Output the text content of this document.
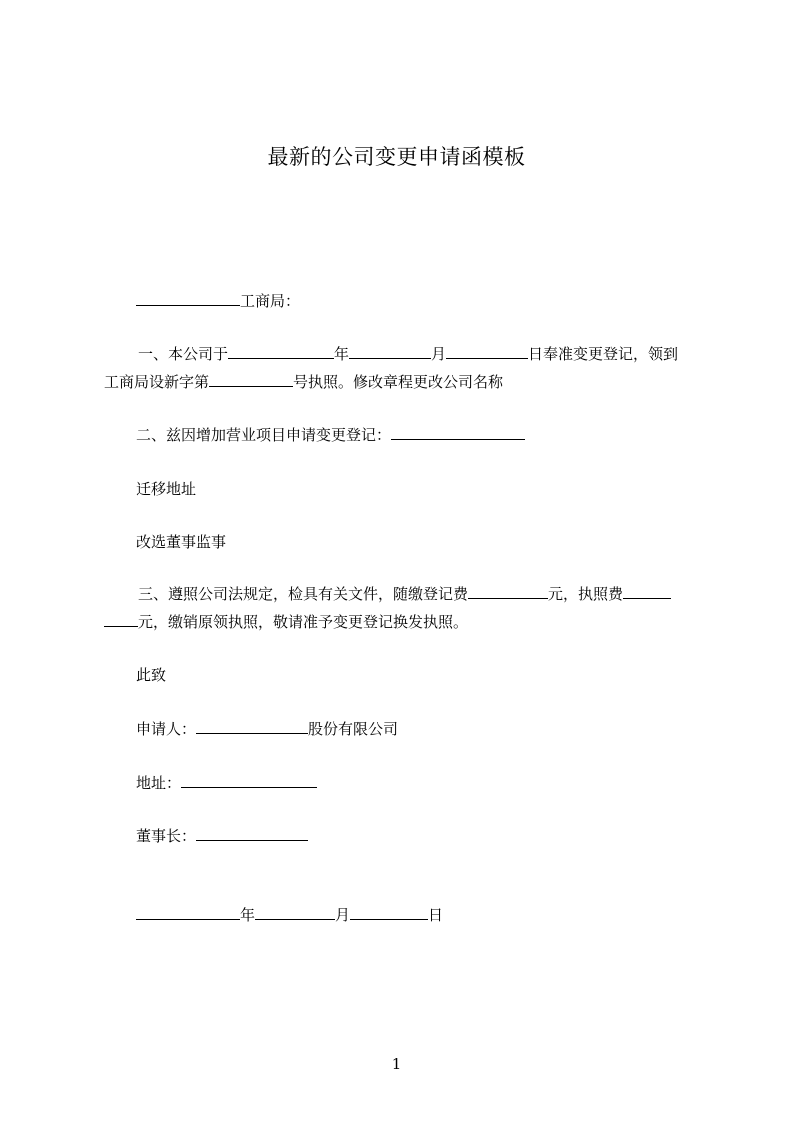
最新的公司变更申请函模板
工商局：
一、本公司于	年	月	日奉准变更登记，领到
工商局设新字第	号执照。修改章程更改公司名称
二、兹因增加营业项目申请变更登记：
迁移地址
改选董事监事
三、遵照公司法规定，检具有关文件，随缴登记费	元，执照费
元，缴销原领执照，敬请准予变更登记换发执照。
此致
申请人：	股份有限公司
地址：
董事长：
年	月	日
1
